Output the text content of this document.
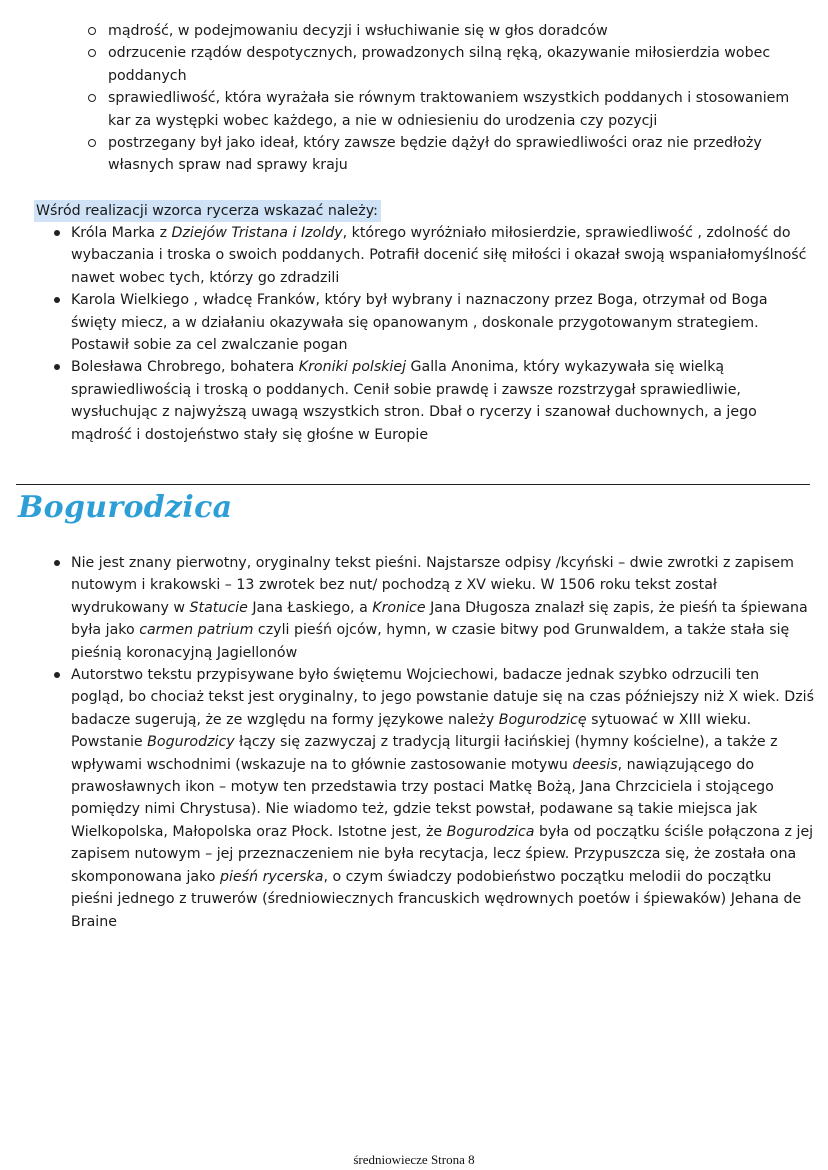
mądrość, w podejmowaniu decyzji i wsłuchiwanie się w głos doradców
odrzucenie rządów despotycznych, prowadzonych silną ręką, okazywanie miłosierdzia wobec poddanych
sprawiedliwość, która wyrażała sie równym traktowaniem wszystkich poddanych i stosowaniem kar za występki wobec każdego, a nie w odniesieniu do urodzenia czy pozycji
postrzegany był jako ideał, który zawsze będzie dążył do sprawiedliwości oraz nie przedłoży własnych spraw nad sprawy kraju
Wśród realizacji wzorca rycerza wskazać należy:
Króla Marka z Dziejów Tristana i Izoldy, którego wyróżniało miłosierdzie, sprawiedliwość , zdolność do wybaczania i troska o swoich poddanych. Potrafił docenić siłę miłości i okazał swoją wspaniałomyślność nawet wobec tych, którzy go zdradzili
Karola Wielkiego , władcę Franków, który był wybrany i naznaczony przez Boga, otrzymał od Boga święty miecz, a w działaniu okazywała się opanowanym , doskonale przygotowanym strategiem. Postawił sobie za cel zwalczanie pogan
Bolesława Chrobrego, bohatera Kroniki polskiej Galla Anonima, który wykazywała się wielką sprawiedliwością i troską o poddanych. Cenił sobie prawdę i zawsze rozstrzygał sprawiedliwie, wysłuchując z najwyższą uwagą wszystkich stron. Dbał o rycerzy i szanował duchownych, a jego mądrość i dostojeństwo stały się głośne w Europie
Bogurodzica
Nie jest znany pierwotny, oryginalny tekst pieśni. Najstarsze odpisy /kcyński – dwie zwrotki z zapisem nutowym i krakowski – 13 zwrotek bez nut/ pochodzą z XV wieku. W 1506 roku tekst został wydrukowany w Statucie Jana Łaskiego, a Kronice Jana Długosza znalazł się zapis, że pieśń ta śpiewana była jako carmen patrium czyli pieśń ojców, hymn, w czasie bitwy pod Grunwaldem, a także stała się pieśnią koronacyjną Jagiellonów
Autorstwo tekstu przypisywane było świętemu Wojciechowi, badacze jednak szybko odrzucili ten pogląd, bo chociaż tekst jest oryginalny, to jego powstanie datuje się na czas późniejszy niż X wiek. Dziś badacze sugerują, że ze względu na formy językowe należy Bogurodzicę sytuować w XIII wieku. Powstanie Bogurodzicy łączy się zazwyczaj z tradycją liturgii łacińskiej (hymny kościelne), a także z wpływami wschodnimi (wskazuje na to głównie zastosowanie motywu deesis, nawiązującego do prawosławnych ikon – motyw ten przedstawia trzy postaci Matkę Bożą, Jana Chrzciciela i stojącego pomiędzy nimi Chrystusa). Nie wiadomo też, gdzie tekst powstał, podawane są takie miejsca jak Wielkopolska, Małopolska oraz Płock. Istotne jest, że Bogurodzica była od początku ściśle połączona z jej zapisem nutowym – jej przeznaczeniem nie była recytacja, lecz śpiew. Przypuszcza się, że została ona skomponowana jako pieśń rycerska, o czym świadczy podobieństwo początku melodii do początku pieśni jednego z truwerów (średniowiecznych francuskich wędrownych poetów i śpiewaków) Jehana de Braine
średniowiecze Strona 8
